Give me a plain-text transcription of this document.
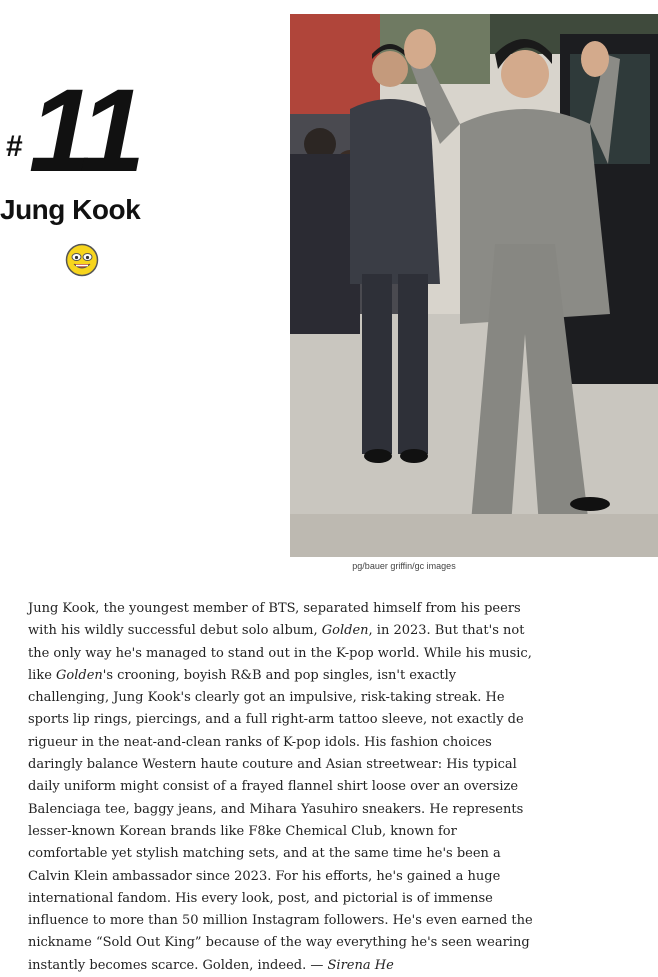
# 11
Jung Kook
pg/bauer griffin/gc images

Jung Kook, the youngest member of BTS, separated himself from his peers with his wildly successful debut solo album, Golden, in 2023. But that's not the only way he's managed to stand out in the K-pop world. While his music, like Golden's crooning, boyish R&B and pop singles, isn't exactly challenging, Jung Kook's clearly got an impulsive, risk-taking streak. He sports lip rings, piercings, and a full right-arm tattoo sleeve, not exactly de rigueur in the neat-and-clean ranks of K-pop idols. His fashion choices daringly balance Western haute couture and Asian streetwear: His typical daily uniform might consist of a frayed flannel shirt loose over an oversize Balenciaga tee, baggy jeans, and Mihara Yasuhiro sneakers. He represents lesser-known Korean brands like F8ke Chemical Club, known for comfortable yet stylish matching sets, and at the same time he's been a Calvin Klein ambassador since 2023. For his efforts, he's gained a huge international fandom. His every look, post, and pictorial is of immense influence to more than 50 million Instagram followers. He's even earned the nickname “Sold Out King” because of the way everything he's seen wearing instantly becomes scarce. Golden, indeed. — Sirena He
